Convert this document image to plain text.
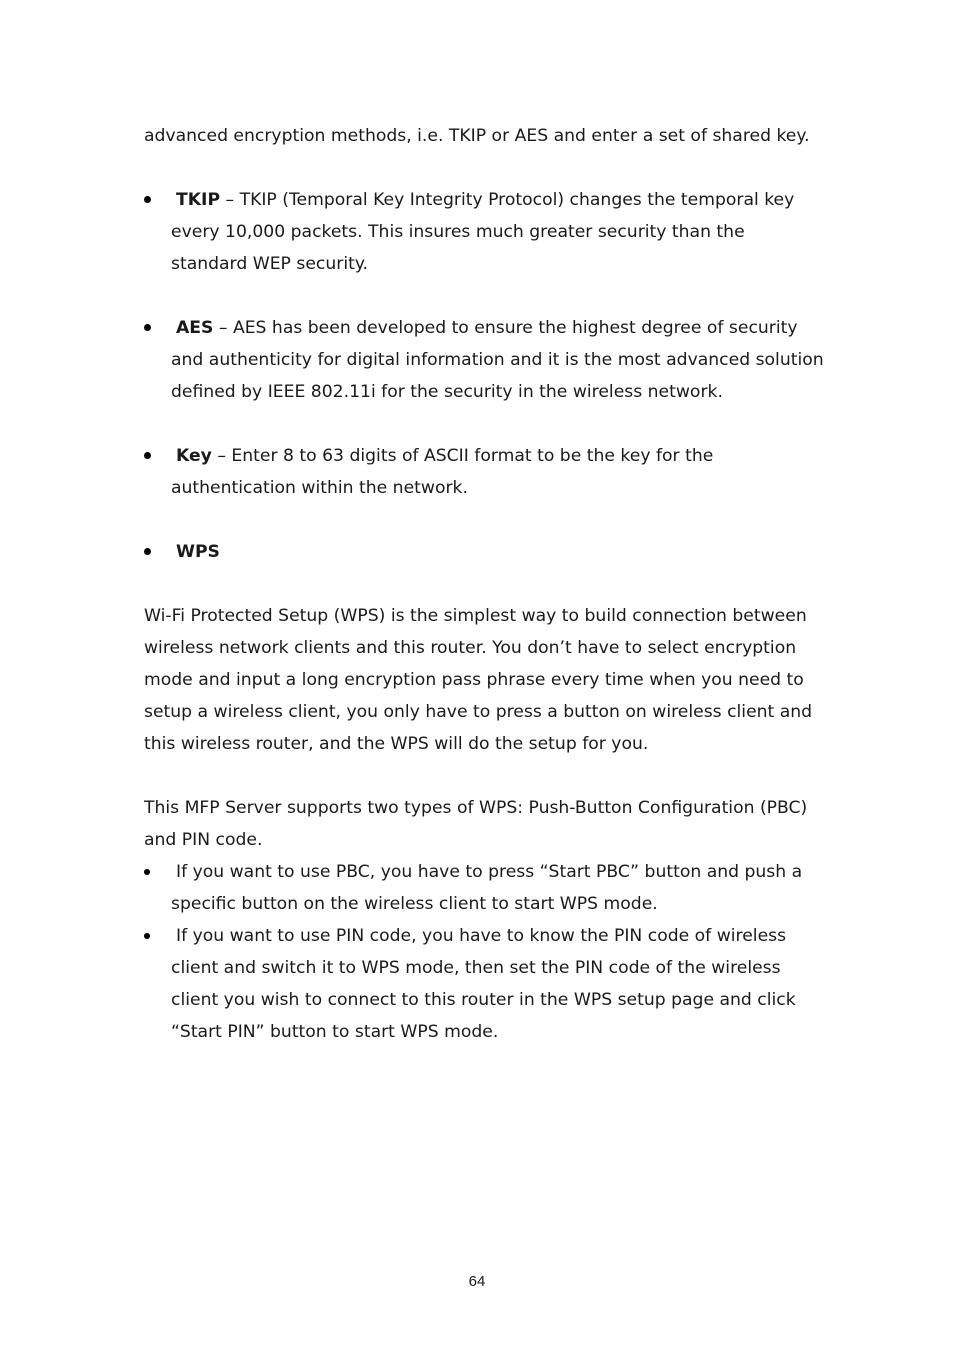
advanced encryption methods, i.e. TKIP or AES and enter a set of shared key.

TKIP – TKIP (Temporal Key Integrity Protocol) changes the temporal key every 10,000 packets. This insures much greater security than the standard WEP security.

AES – AES has been developed to ensure the highest degree of security and authenticity for digital information and it is the most advanced solution defined by IEEE 802.11i for the security in the wireless network.

Key – Enter 8 to 63 digits of ASCII format to be the key for the authentication within the network.

WPS

Wi-Fi Protected Setup (WPS) is the simplest way to build connection between wireless network clients and this router. You don’t have to select encryption mode and input a long encryption pass phrase every time when you need to setup a wireless client, you only have to press a button on wireless client and this wireless router, and the WPS will do the setup for you.

This MFP Server supports two types of WPS: Push-Button Configuration (PBC) and PIN code.

If you want to use PBC, you have to press “Start PBC” button and push a specific button on the wireless client to start WPS mode.

If you want to use PIN code, you have to know the PIN code of wireless client and switch it to WPS mode, then set the PIN code of the wireless client you wish to connect to this router in the WPS setup page and click “Start PIN” button to start WPS mode.

64
